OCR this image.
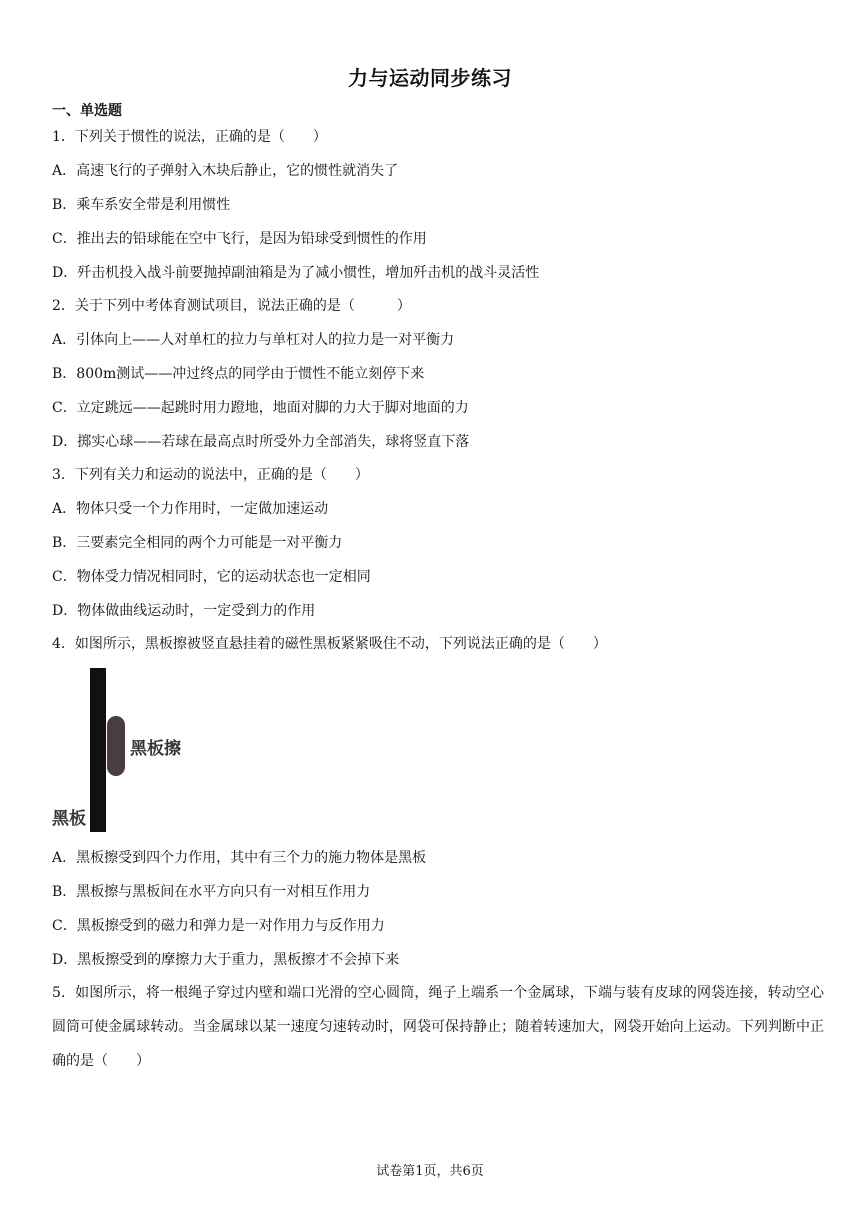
力与运动同步练习
一、单选题
1．下列关于惯性的说法，正确的是（　　）
A．高速飞行的子弹射入木块后静止，它的惯性就消失了
B．乘车系安全带是利用惯性
C．推出去的铅球能在空中飞行，是因为铅球受到惯性的作用
D．歼击机投入战斗前要抛掉副油箱是为了减小惯性，增加歼击机的战斗灵活性
2．关于下列中考体育测试项目，说法正确的是（　　　）
A．引体向上——人对单杠的拉力与单杠对人的拉力是一对平衡力
B．800m测试——冲过终点的同学由于惯性不能立刻停下来
C．立定跳远——起跳时用力蹬地，地面对脚的力大于脚对地面的力
D．掷实心球——若球在最高点时所受外力全部消失，球将竖直下落
3．下列有关力和运动的说法中，正确的是（　　）
A．物体只受一个力作用时，一定做加速运动
B．三要素完全相同的两个力可能是一对平衡力
C．物体受力情况相同时，它的运动状态也一定相同
D．物体做曲线运动时，一定受到力的作用
4．如图所示，黑板擦被竖直悬挂着的磁性黑板紧紧吸住不动，下列说法正确的是（　　）
黑板擦
黑板
A．黑板擦受到四个力作用，其中有三个力的施力物体是黑板
B．黑板擦与黑板间在水平方向只有一对相互作用力
C．黑板擦受到的磁力和弹力是一对作用力与反作用力
D．黑板擦受到的摩擦力大于重力，黑板擦才不会掉下来
5．如图所示，将一根绳子穿过内壁和端口光滑的空心圆筒，绳子上端系一个金属球，下端与装有皮球的网袋连接，转动空心圆筒可使金属球转动。当金属球以某一速度匀速转动时，网袋可保持静止；随着转速加大，网袋开始向上运动。下列判断中正确的是（　　）
试卷第1页，共6页
